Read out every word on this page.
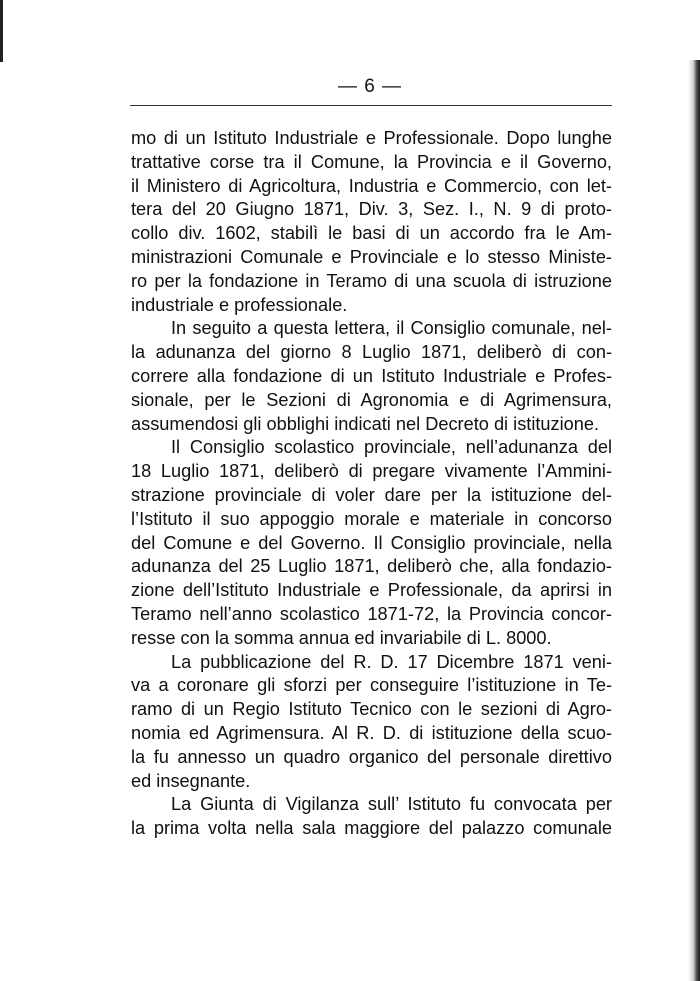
— 6 —
mo di un Istituto Industriale e Professionale. Dopo lunghe
trattative corse tra il Comune, la Provincia e il Governo,
il Ministero di Agricoltura, Industria e Commercio, con let-
tera del 20 Giugno 1871, Div. 3, Sez. I., N. 9 di proto-
collo div. 1602, stabilì le basi di un accordo fra le Am-
ministrazioni Comunale e Provinciale e lo stesso Ministe-
ro per la fondazione in Teramo di una scuola di istruzione
industriale e professionale.
In seguito a questa lettera, il Consiglio comunale, nel-
la adunanza del giorno 8 Luglio 1871, deliberò di con-
correre alla fondazione di un Istituto Industriale e Profes-
sionale, per le Sezioni di Agronomia e di Agrimensura,
assumendosi gli obblighi indicati nel Decreto di istituzione.
Il Consiglio scolastico provinciale, nell’adunanza del
18 Luglio 1871, deliberò di pregare vivamente l’Ammini-
strazione provinciale di voler dare per la istituzione del-
l’Istituto il suo appoggio morale e materiale in concorso
del Comune e del Governo. Il Consiglio provinciale, nella
adunanza del 25 Luglio 1871, deliberò che, alla fondazio-
zione dell’Istituto Industriale e Professionale, da aprirsi in
Teramo nell’anno scolastico 1871-72, la Provincia concor-
resse con la somma annua ed invariabile di L. 8000.
La pubblicazione del R. D. 17 Dicembre 1871 veni-
va a coronare gli sforzi per conseguire l’istituzione in Te-
ramo di un Regio Istituto Tecnico con le sezioni di Agro-
nomia ed Agrimensura. Al R. D. di istituzione della scuo-
la fu annesso un quadro organico del personale direttivo
ed insegnante.
La Giunta di Vigilanza sull’ Istituto fu convocata per
la prima volta nella sala maggiore del palazzo comunale
